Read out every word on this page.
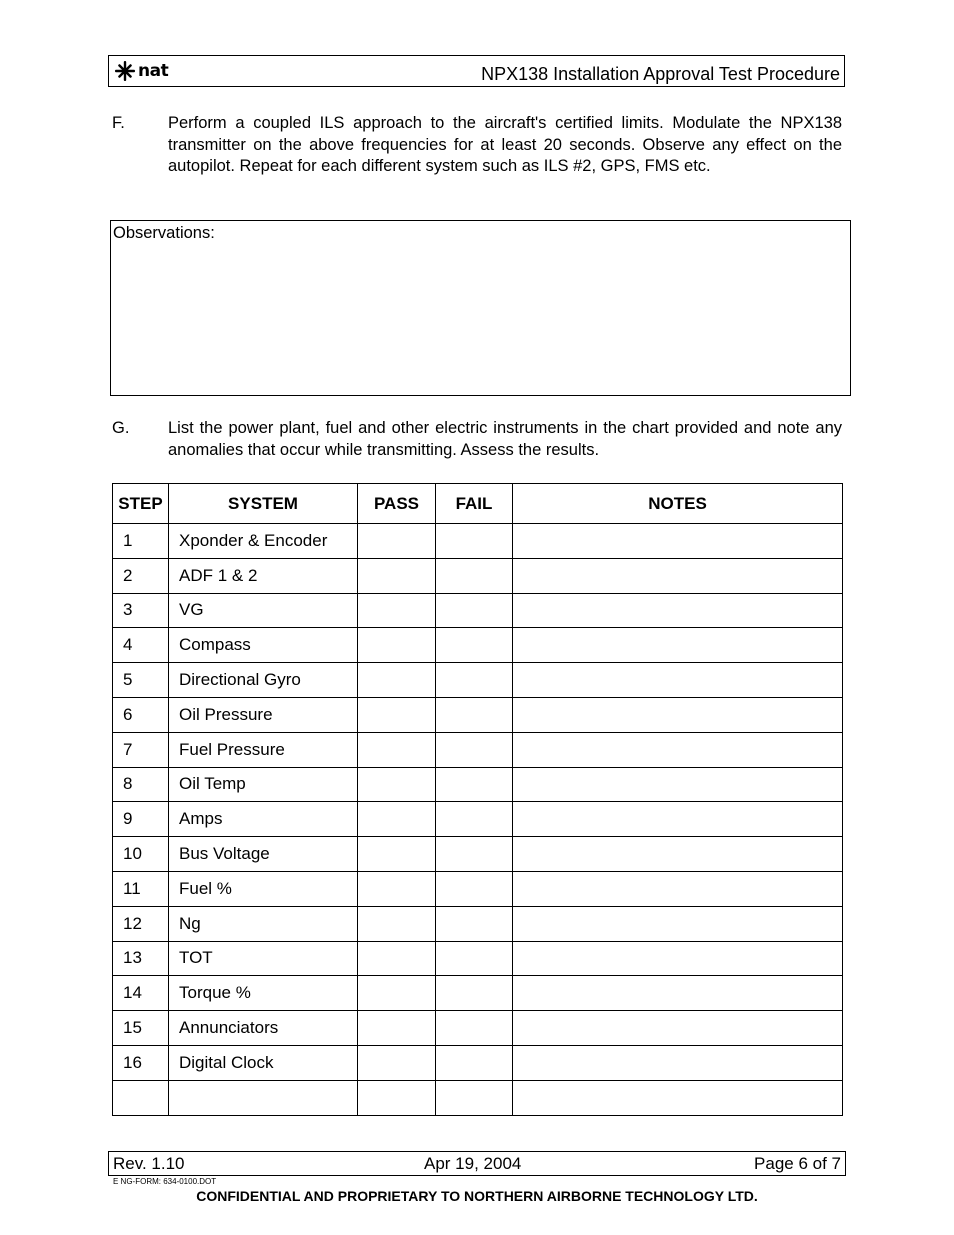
nat	NPX138 Installation Approval Test Procedure
F.	Perform a coupled ILS approach to the aircraft's certified limits. Modulate the NPX138 transmitter on the above frequencies for at least 20 seconds. Observe any effect on the autopilot. Repeat for each different system such as ILS #2, GPS, FMS etc.
Observations:
G. List the power plant, fuel and other electric instruments in the chart provided and note any anomalies that occur while transmitting. Assess the results.
STEP	SYSTEM	PASS	FAIL	NOTES
1	Xponder & Encoder			
2	ADF 1 & 2			
3	VG			
4	Compass			
5	Directional Gyro			
6	Oil Pressure			
7	Fuel Pressure			
8	Oil Temp			
9	Amps			
10	Bus Voltage			
11	Fuel %			
12	Ng			
13	TOT			
14	Torque %			
15	Annunciators			
16	Digital Clock			

Rev. 1.10	Apr 19, 2004	Page 6 of 7
E NG-FORM: 634-0100.DOT
CONFIDENTIAL AND PROPRIETARY TO NORTHERN AIRBORNE TECHNOLOGY LTD.
